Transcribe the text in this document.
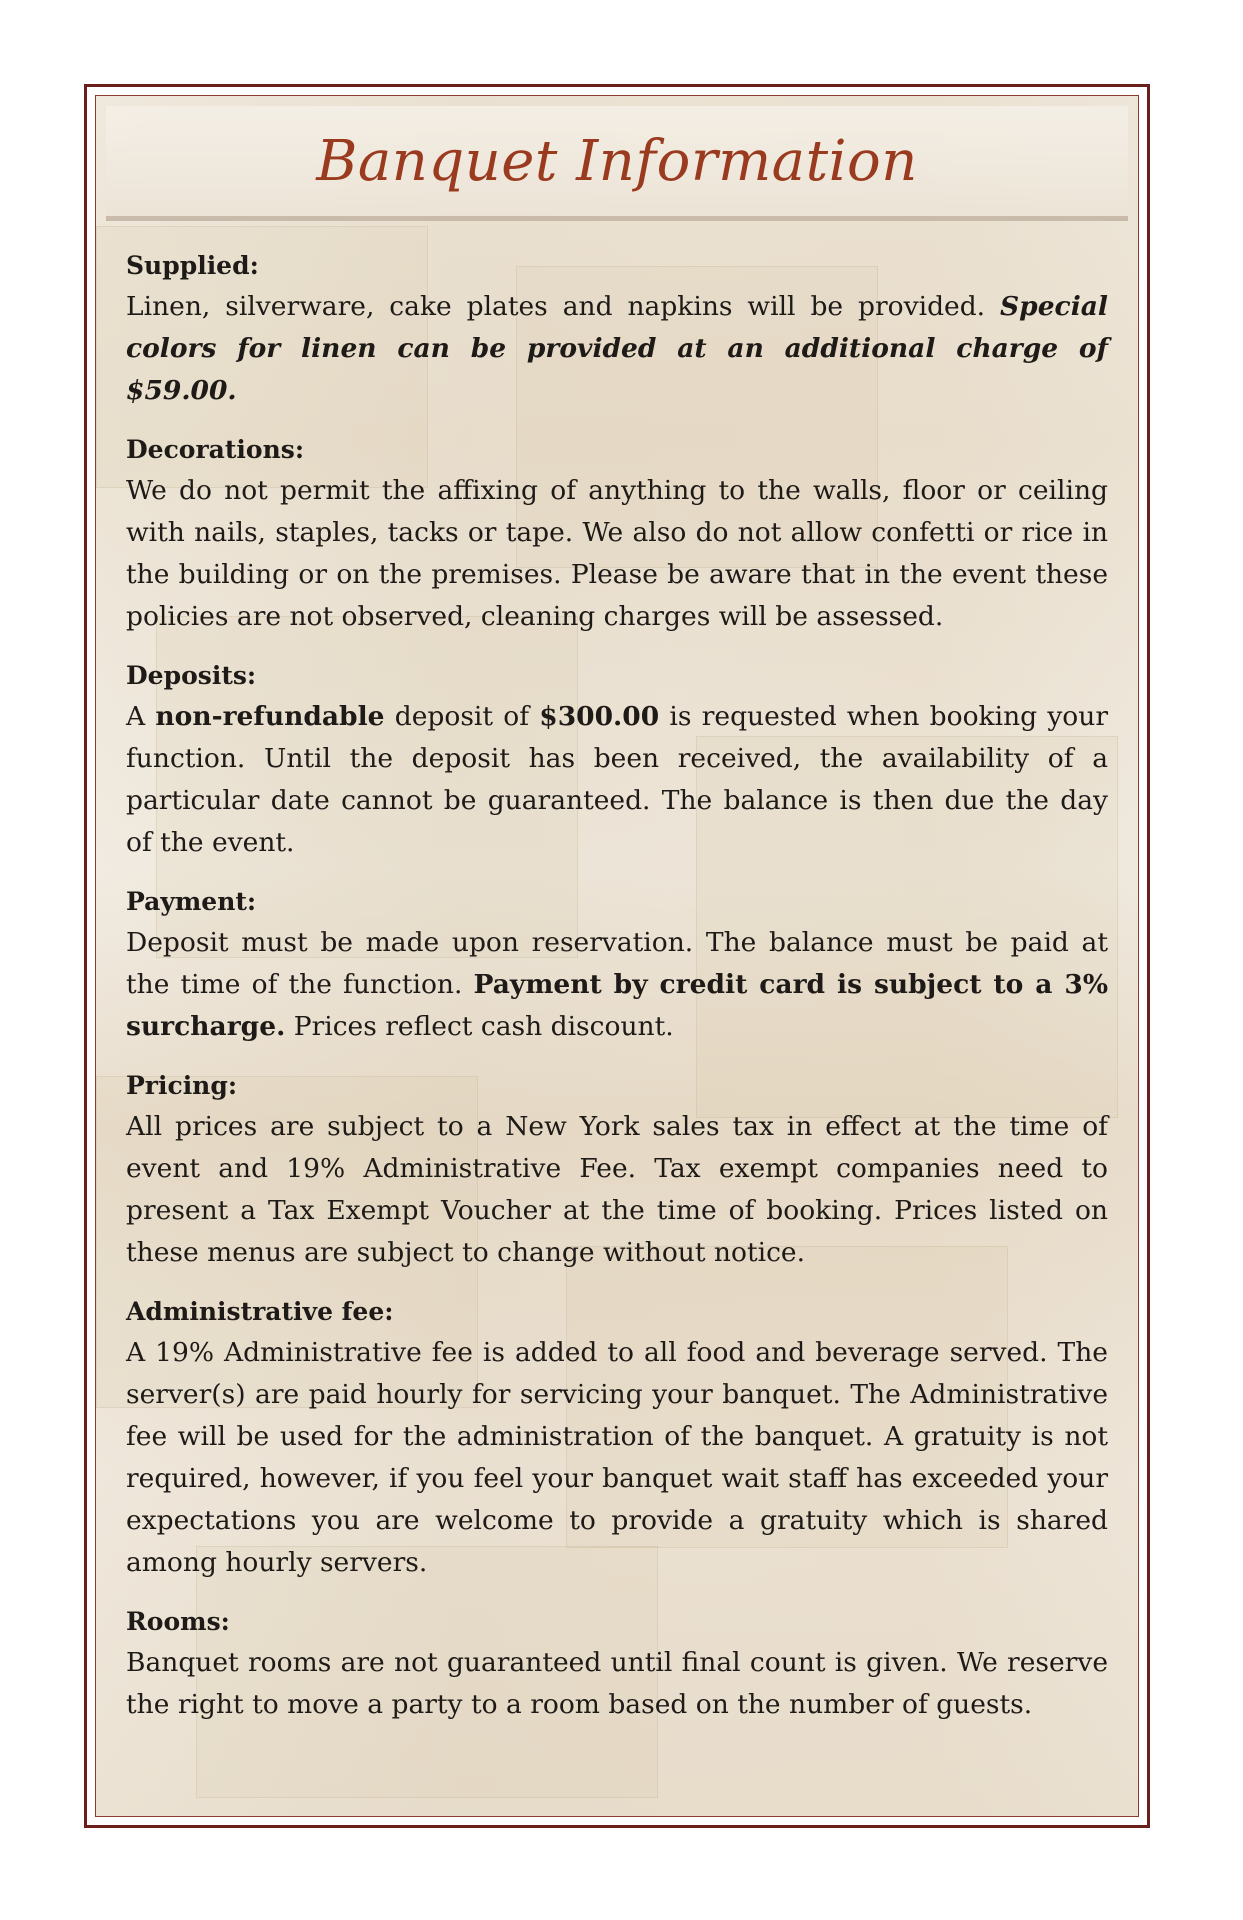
Banquet Information
Supplied:

Linen, silverware, cake plates and napkins will be provided. Special colors for linen can be provided at an additional charge of $59.00.

Decorations:

We do not permit the affixing of anything to the walls, floor or ceiling with nails, staples, tacks or tape. We also do not allow confetti or rice in the building or on the premises. Please be aware that in the event these policies are not observed, cleaning charges will be assessed.

Deposits:

A non-refundable deposit of $300.00 is requested when booking your function. Until the deposit has been received, the availability of a particular date cannot be guaranteed. The balance is then due the day of the event.

Payment:

Deposit must be made upon reservation. The balance must be paid at the time of the function. Payment by credit card is subject to a 3% surcharge. Prices reflect cash discount.

Pricing:

All prices are subject to a New York sales tax in effect at the time of event and 19% Administrative Fee. Tax exempt companies need to present a Tax Exempt Voucher at the time of booking. Prices listed on these menus are subject to change without notice.

Administrative fee:

A 19% Administrative fee is added to all food and beverage served. The server(s) are paid hourly for servicing your banquet. The Administrative fee will be used for the administration of the banquet. A gratuity is not required, however, if you feel your banquet wait staff has exceeded your expectations you are welcome to provide a gratuity which is shared among hourly servers.

Rooms:

Banquet rooms are not guaranteed until final count is given. We reserve the right to move a party to a room based on the number of guests.
